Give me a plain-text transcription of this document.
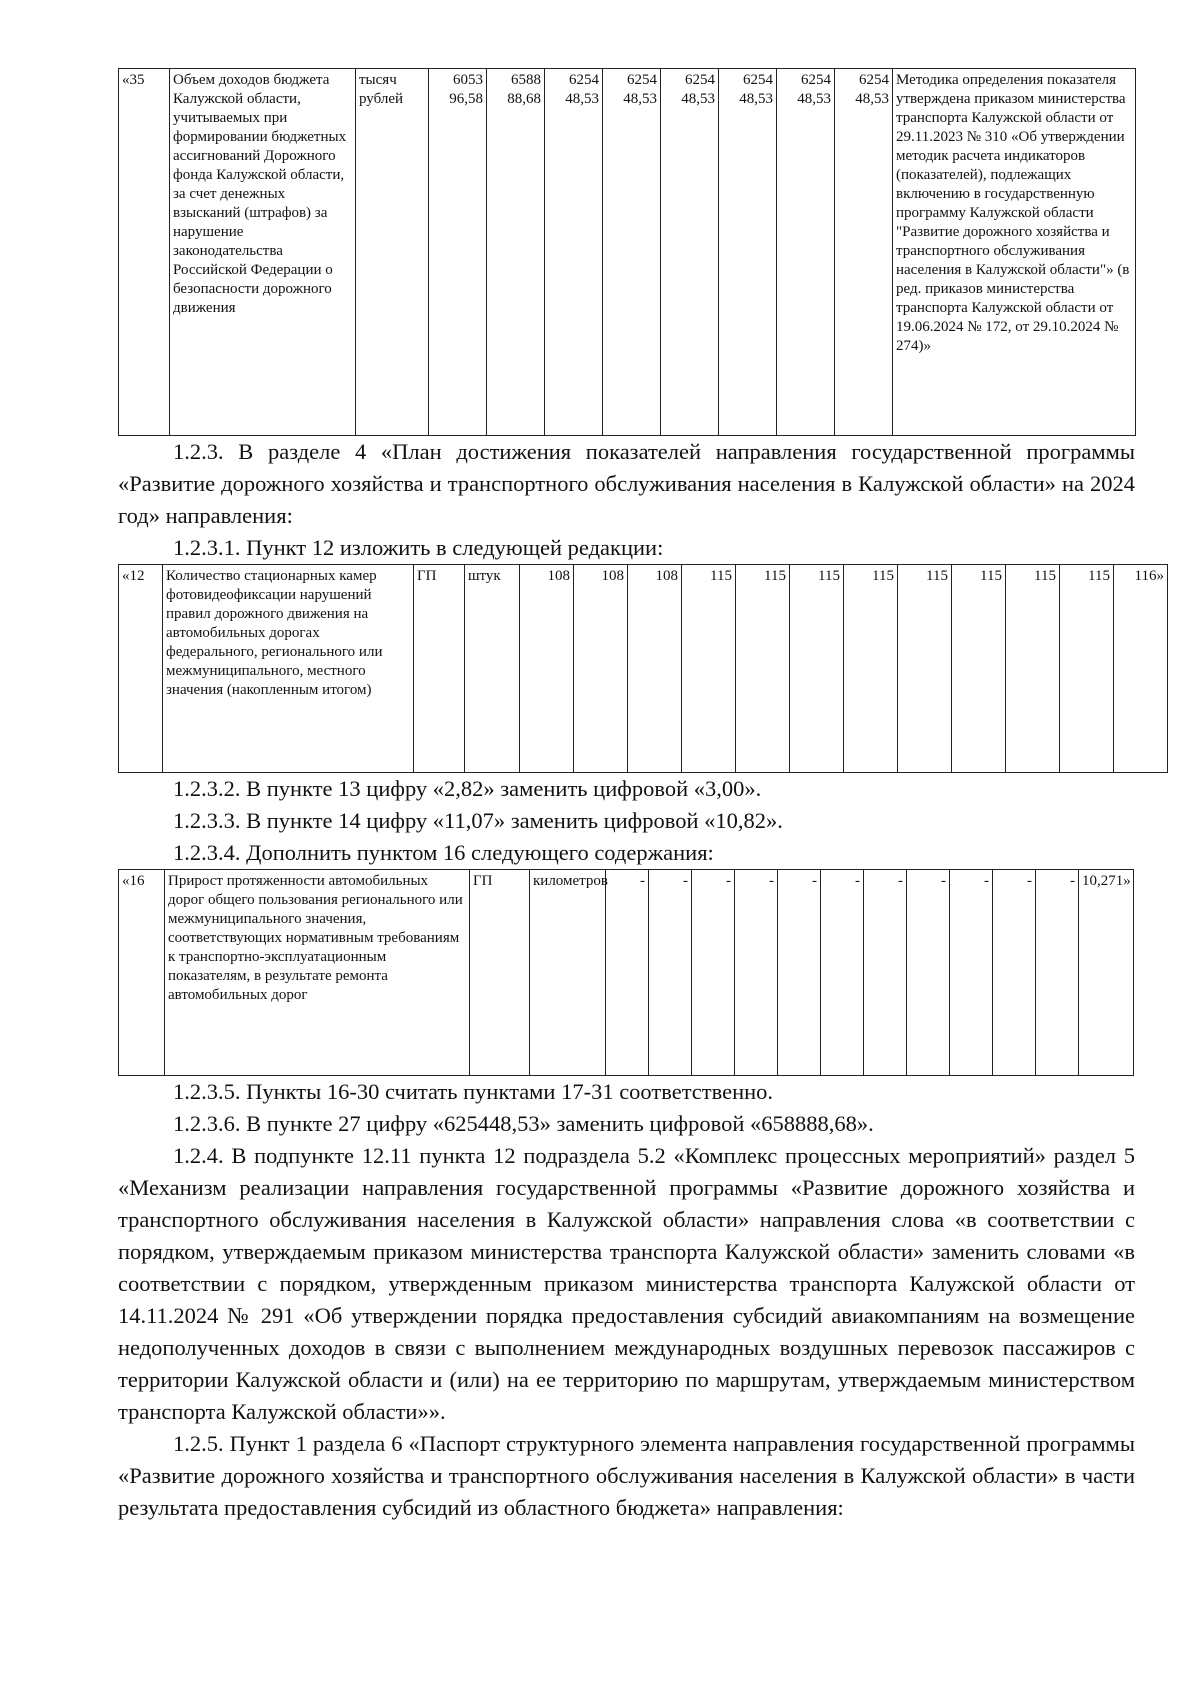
«35	Объем доходов бюджета Калужской области, учитываемых при формировании бюджетных ассигнований Дорожного фонда Калужской области, за счет денежных взысканий (штрафов) за нарушение законодательства Российской Федерации о безопасности дорожного движения	тысяч рублей	6053 96,58	6588 88,68	6254 48,53	6254 48,53	6254 48,53	6254 48,53	6254 48,53	6254 48,53	Методика определения показателя утверждена приказом министерства транспорта Калужской области от 29.11.2023 № 310 «Об утверждении методик расчета индикаторов (показателей), подлежащих включению в государственную программу Калужской области "Развитие дорожного хозяйства и транспортного обслуживания населения в Калужской области"» (в ред. приказов министерства транспорта Калужской области от 19.06.2024 № 172, от 29.10.2024 № 274)»

1.2.3. В разделе 4 «План достижения показателей направления государственной программы «Развитие дорожного хозяйства и транспортного обслуживания населения в Калужской области» на 2024 год» направления:

1.2.3.1. Пункт 12 изложить в следующей редакции:

«12	Количество стационарных камер фотовидеофиксации нарушений правил дорожного движения на автомобильных дорогах федерального, регионального или межмуниципального, местного значения (накопленным итогом)	ГП	штук	108	108	108	115	115	115	115	115	115	115	115	116»

1.2.3.2. В пункте 13 цифру «2,82» заменить цифровой «3,00».

1.2.3.3. В пункте 14 цифру «11,07» заменить цифровой «10,82».

1.2.3.4. Дополнить пунктом 16 следующего содержания:

«16	Прирост протяженности автомобильных дорог общего пользования регионального или межмуниципального значения, соответствующих нормативным требованиям к транспортно-эксплуатационным показателям, в результате ремонта автомобильных дорог	ГП	километров	-	-	-	-	-	-	-	-	-	-	-	10,271»

1.2.3.5. Пункты 16-30 считать пунктами 17-31 соответственно.

1.2.3.6. В пункте 27 цифру «625448,53» заменить цифровой «658888,68».

1.2.4. В подпункте 12.11 пункта 12 подраздела 5.2 «Комплекс процессных мероприятий» раздел 5 «Механизм реализации направления государственной программы «Развитие дорожного хозяйства и транспортного обслуживания населения в Калужской области» направления слова «в соответствии с порядком, утверждаемым приказом министерства транспорта Калужской области» заменить словами «в соответствии с порядком, утвержденным приказом министерства транспорта Калужской области от 14.11.2024 № 291 «Об утверждении порядка предоставления субсидий авиакомпаниям на возмещение недополученных доходов в связи с выполнением международных воздушных перевозок пассажиров с территории Калужской области и (или) на ее территорию по маршрутам, утверждаемым министерством транспорта Калужской области»».

1.2.5. Пункт 1 раздела 6 «Паспорт структурного элемента направления государственной программы «Развитие дорожного хозяйства и транспортного обслуживания населения в Калужской области» в части результата предоставления субсидий из областного бюджета» направления:
